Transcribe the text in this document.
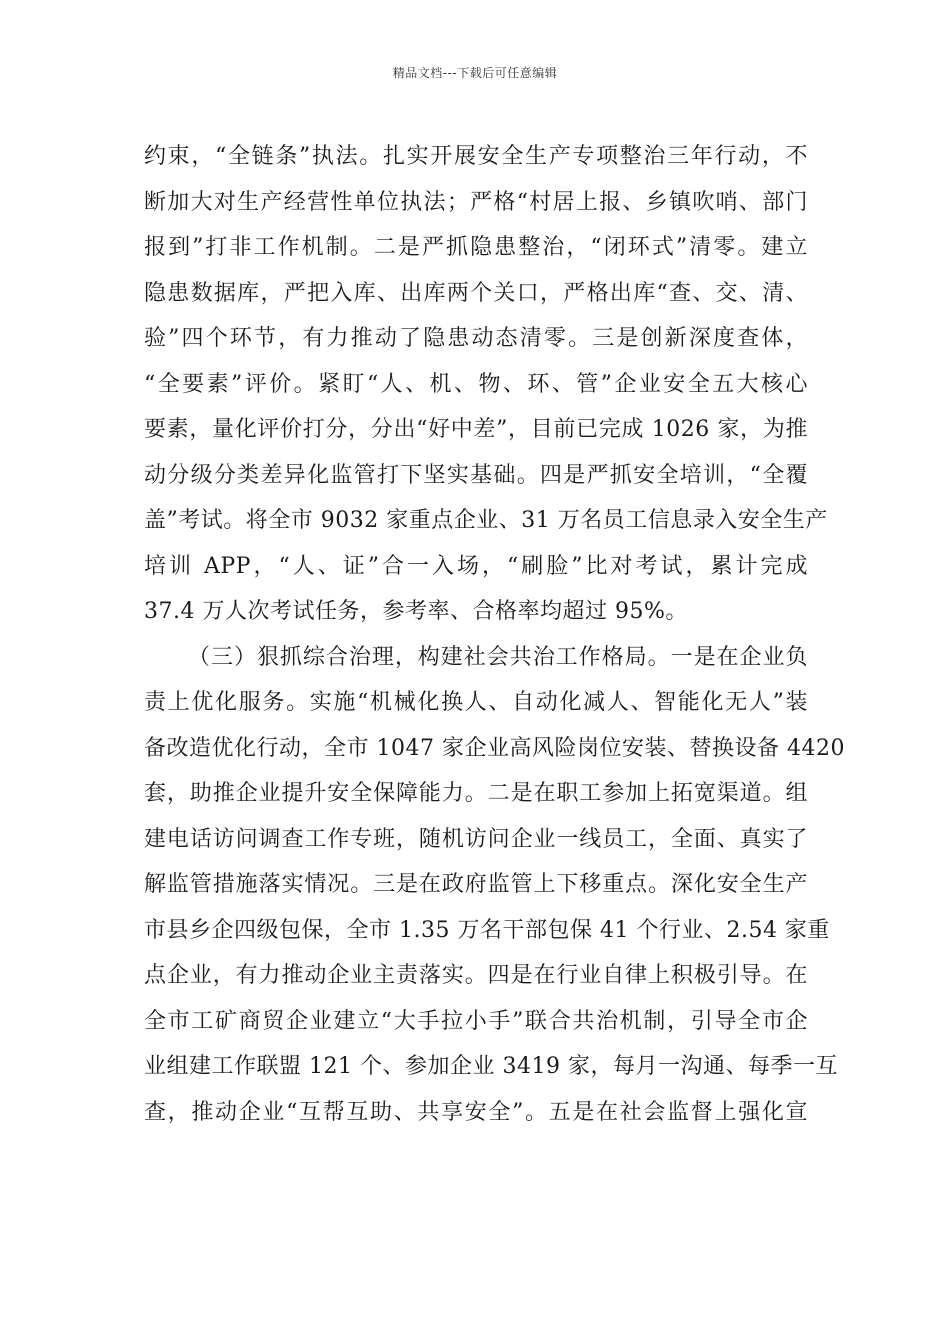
精品文档---下载后可任意编辑
约束，“全链条”执法。扎实开展安全生产专项整治三年行动，不
断加大对生产经营性单位执法；严格“村居上报、乡镇吹哨、部门
报到”打非工作机制。二是严抓隐患整治，“闭环式”清零。建立
隐患数据库，严把入库、出库两个关口，严格出库“查、交、清、
验”四个环节，有力推动了隐患动态清零。三是创新深度查体，
“全要素”评价。紧盯“人、机、物、环、管”企业安全五大核心
要素，量化评价打分，分出“好中差”，目前已完成 1026 家，为推
动分级分类差异化监管打下坚实基础。四是严抓安全培训，“全覆
盖”考试。将全市 9032 家重点企业、31 万名员工信息录入安全生产
培训 APP，“人、证”合一入场，“刷脸”比对考试，累计完成
37.4 万人次考试任务，参考率、合格率均超过 95%。
（三）狠抓综合治理，构建社会共治工作格局。一是在企业负
责上优化服务。实施“机械化换人、自动化减人、智能化无人”装
备改造优化行动，全市 1047 家企业高风险岗位安装、替换设备 4420
套，助推企业提升安全保障能力。二是在职工参加上拓宽渠道。组
建电话访问调查工作专班，随机访问企业一线员工，全面、真实了
解监管措施落实情况。三是在政府监管上下移重点。深化安全生产
市县乡企四级包保，全市 1.35 万名干部包保 41 个行业、2.54 家重
点企业，有力推动企业主责落实。四是在行业自律上积极引导。在
全市工矿商贸企业建立“大手拉小手”联合共治机制，引导全市企
业组建工作联盟 121 个、参加企业 3419 家，每月一沟通、每季一互
查，推动企业“互帮互助、共享安全”。五是在社会监督上强化宣
